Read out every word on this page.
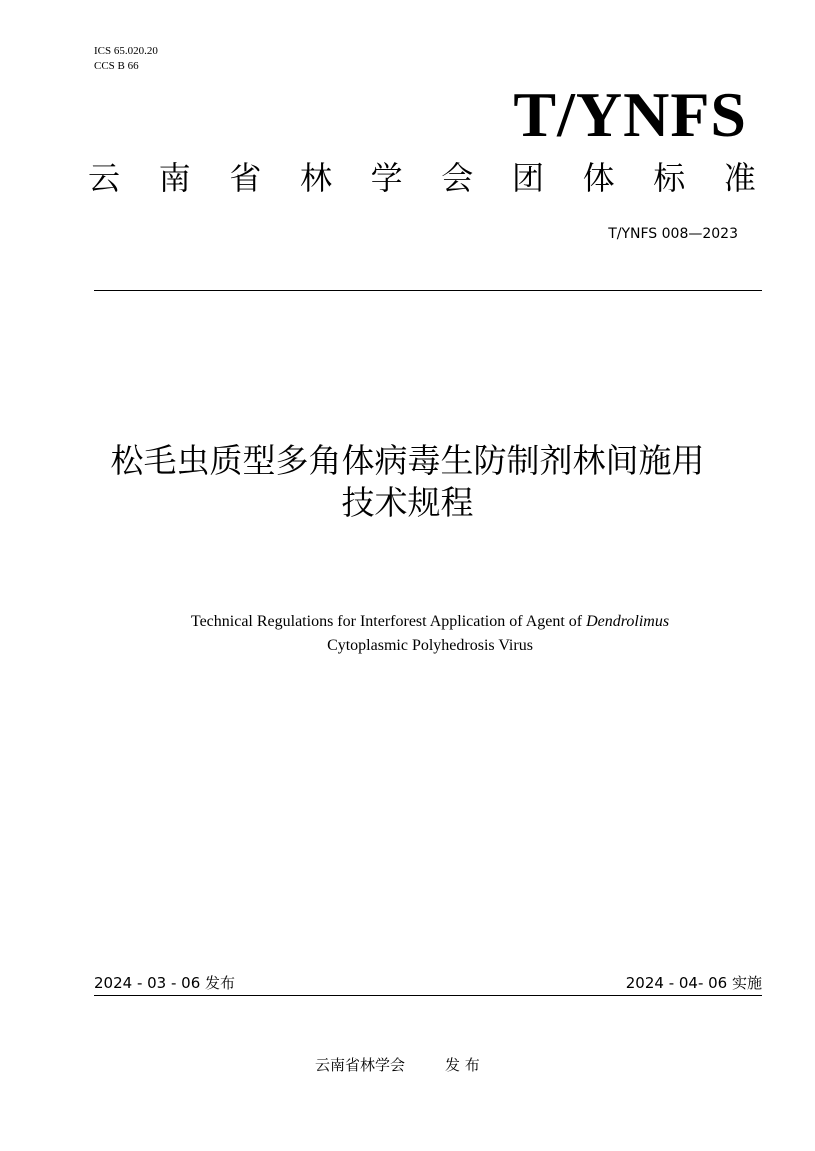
ICS 65.020.20
CCS B 66
T/YNFS
云 南 省 林 学 会 团 体 标 准
T/YNFS 008—2023
松毛虫质型多角体病毒生防制剂林间施用
技术规程
Technical Regulations for Interforest Application of Agent of Dendrolimus
Cytoplasmic Polyhedrosis Virus
2024 - 03 - 06 发布	2024 - 04- 06 实施
云南省林学会	发 布
